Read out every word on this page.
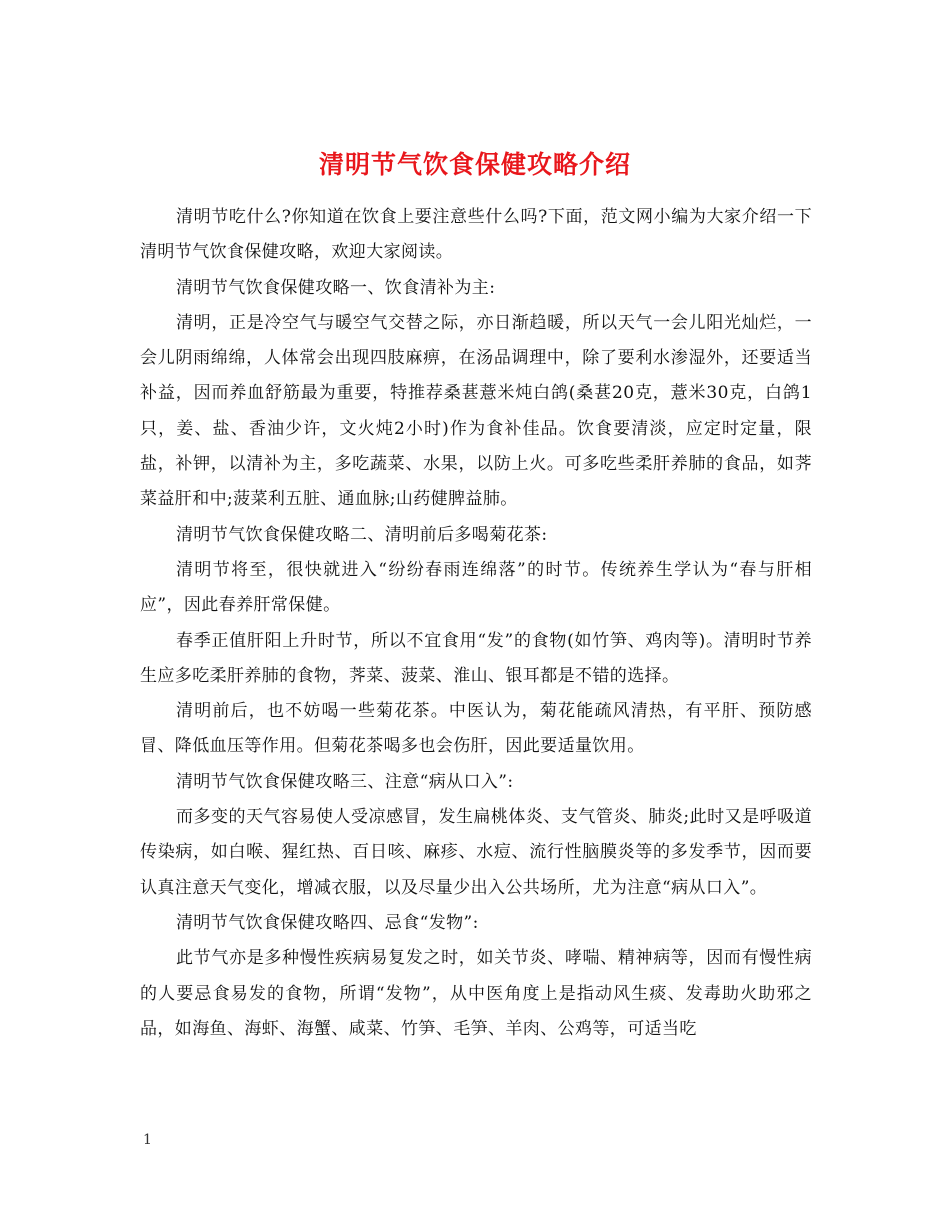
清明节气饮食保健攻略介绍

清明节吃什么?你知道在饮食上要注意些什么吗?下面，范文网小编为大家介绍一下清明节气饮食保健攻略，欢迎大家阅读。

清明节气饮食保健攻略一、饮食清补为主:

清明，正是冷空气与暖空气交替之际，亦日渐趋暖，所以天气一会儿阳光灿烂，一会儿阴雨绵绵，人体常会出现四肢麻痹，在汤品调理中，除了要利水渗湿外，还要适当补益，因而养血舒筋最为重要，特推荐桑葚薏米炖白鸽(桑葚20克，薏米30克，白鸽1只，姜、盐、香油少许，文火炖2小时)作为食补佳品。饮食要清淡，应定时定量，限盐，补钾，以清补为主，多吃蔬菜、水果，以防上火。可多吃些柔肝养肺的食品，如荠菜益肝和中;菠菜利五脏、通血脉;山药健脾益肺。

清明节气饮食保健攻略二、清明前后多喝菊花茶:

清明节将至，很快就进入“纷纷春雨连绵落”的时节。传统养生学认为“春与肝相应”，因此春养肝常保健。

春季正值肝阳上升时节，所以不宜食用“发”的食物(如竹笋、鸡肉等)。清明时节养生应多吃柔肝养肺的食物，荠菜、菠菜、淮山、银耳都是不错的选择。

清明前后，也不妨喝一些菊花茶。中医认为，菊花能疏风清热，有平肝、预防感冒、降低血压等作用。但菊花茶喝多也会伤肝，因此要适量饮用。

清明节气饮食保健攻略三、注意“病从口入”:

而多变的天气容易使人受凉感冒，发生扁桃体炎、支气管炎、肺炎;此时又是呼吸道传染病，如白喉、猩红热、百日咳、麻疹、水痘、流行性脑膜炎等的多发季节，因而要认真注意天气变化，增减衣服，以及尽量少出入公共场所，尤为注意“病从口入”。

清明节气饮食保健攻略四、忌食“发物”:

此节气亦是多种慢性疾病易复发之时，如关节炎、哮喘、精神病等，因而有慢性病的人要忌食易发的食物，所谓“发物”，从中医角度上是指动风生痰、发毒助火助邪之品，如海鱼、海虾、海蟹、咸菜、竹笋、毛笋、羊肉、公鸡等，可适当吃

1
